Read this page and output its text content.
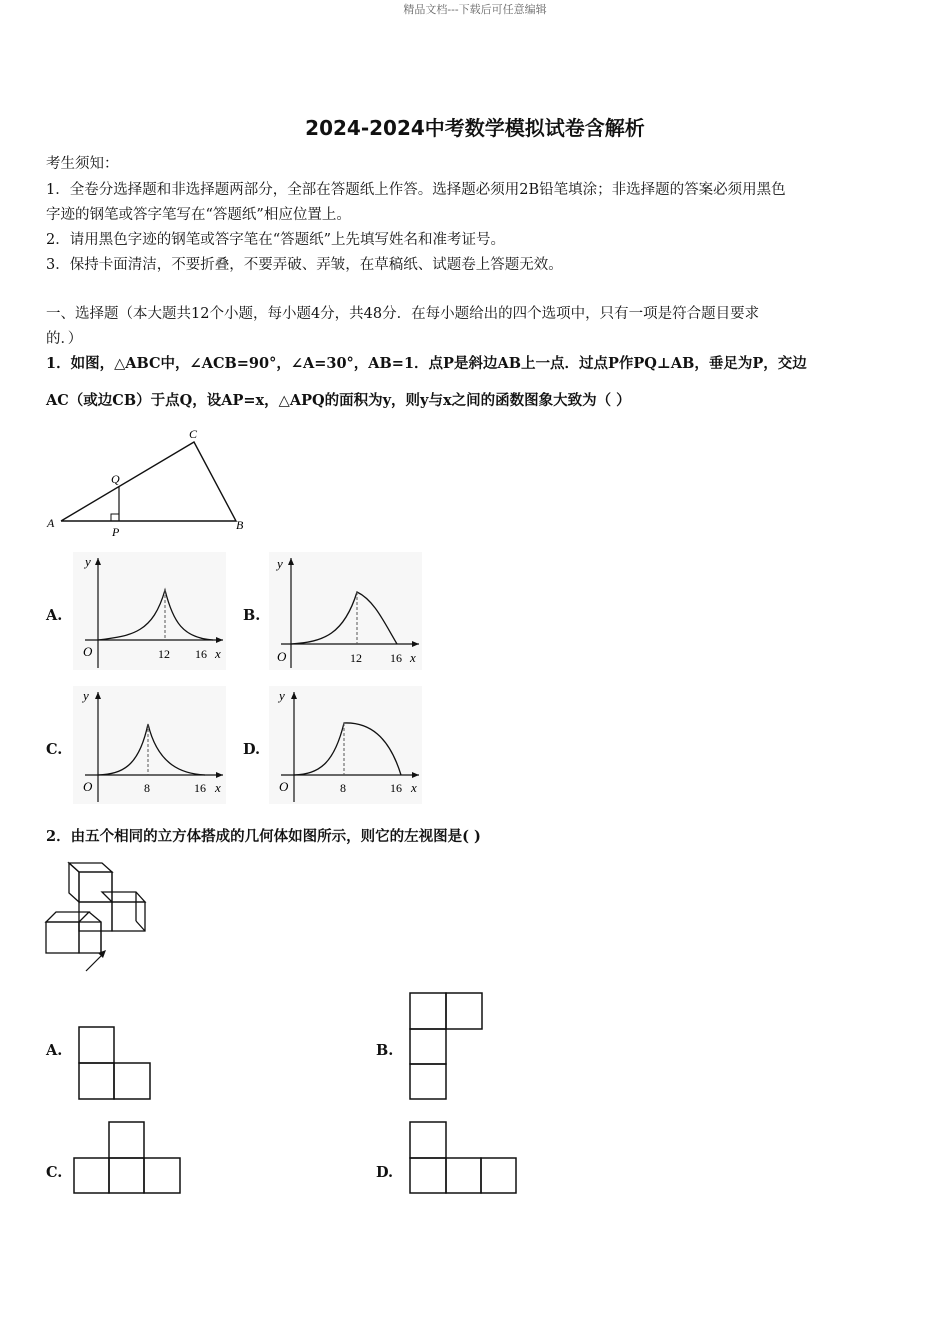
精品文档---下载后可任意编辑
2024-2024中考数学模拟试卷含解析
考生须知：
1．全卷分选择题和非选择题两部分，全部在答题纸上作答。选择题必须用2B铅笔填涂；非选择题的答案必须用黑色
字迹的钢笔或答字笔写在“答题纸”相应位置上。
2．请用黑色字迹的钢笔或答字笔在“答题纸”上先填写姓名和准考证号。
3．保持卡面清洁，不要折叠，不要弄破、弄皱，在草稿纸、试题卷上答题无效。
一、选择题（本大题共12个小题，每小题4分，共48分．在每小题给出的四个选项中，只有一项是符合题目要求
的．）
1．如图，△ABC中，∠ACB=90°，∠A=30°，AB=1．点P是斜边AB上一点．过点P作PQ⊥AB，垂足为P，交边
AC（或边CB）于点Q，设AP=x，△APQ的面积为y，则y与x之间的函数图象大致为（ ）
A
C
B
Q
P
A.
O
y
x
12 16
B.
O
y
x
12 16
C.
O
y
x
8	16
D.
O
y
x
8	16
2．由五个相同的立方体搭成的几何体如图所示，则它的左视图是( )
A.	B.
C.	D.
